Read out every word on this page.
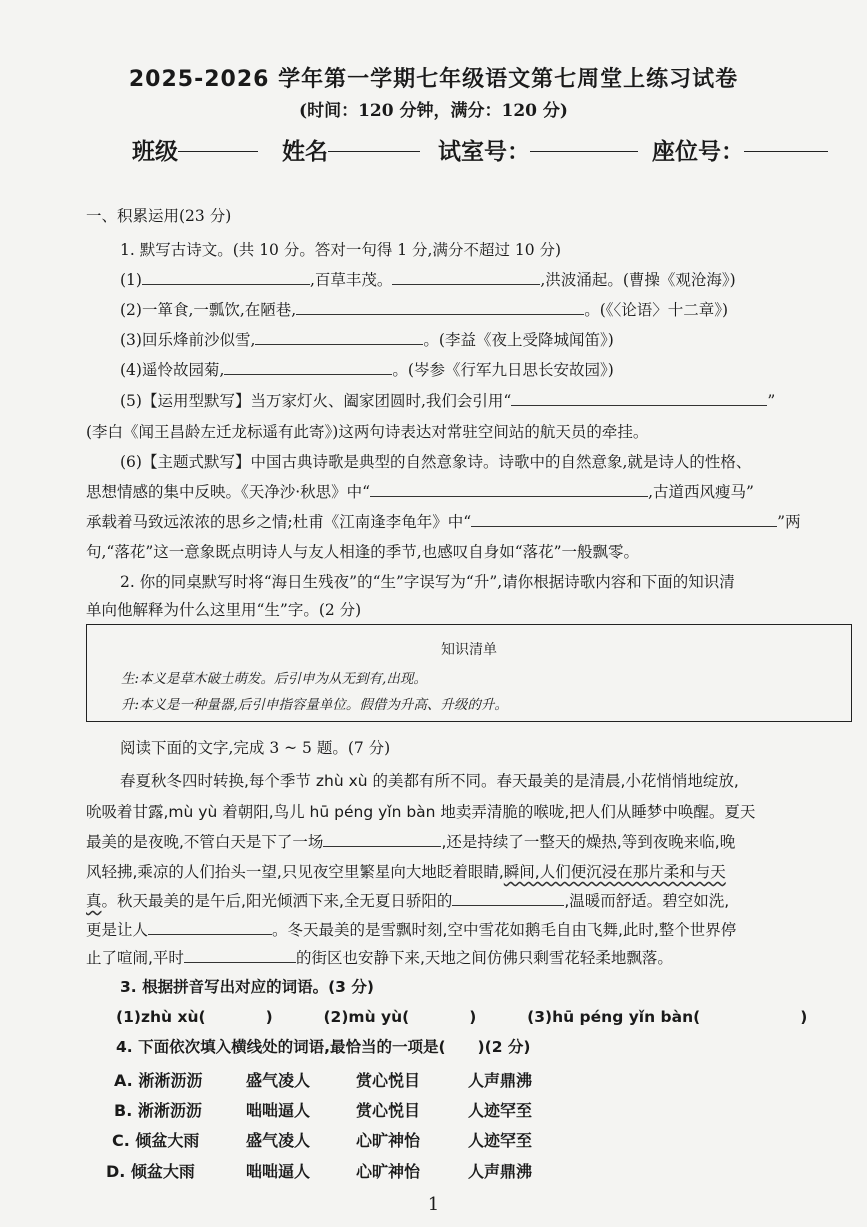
2025-2026 学年第一学期七年级语文第七周堂上练习试卷
(时间：120 分钟，满分：120 分)
班级	姓名	试室号：	座位号：
一、积累运用(23 分)
1. 默写古诗文。(共 10 分。答对一句得 1 分,满分不超过 10 分)
(1)	,百草丰茂。	,洪波涌起。(曹操《观沧海》)
(2)一箪食,一瓢饮,在陋巷,	。(《〈论语〉十二章》)
(3)回乐烽前沙似雪,	。(李益《夜上受降城闻笛》)
(4)遥怜故园菊,	。(岑参《行军九日思长安故园》)
(5)【运用型默写】当万家灯火、阖家团圆时,我们会引用“	”
(李白《闻王昌龄左迁龙标遥有此寄》)这两句诗表达对常驻空间站的航天员的牵挂。
(6)【主题式默写】中国古典诗歌是典型的自然意象诗。诗歌中的自然意象,就是诗人的性格、
思想情感的集中反映。《天净沙·秋思》中“	,古道西风瘦马”
承载着马致远浓浓的思乡之情;杜甫《江南逢李龟年》中“	”两
句,“落花”这一意象既点明诗人与友人相逢的季节,也感叹自身如“落花”一般飘零。
2. 你的同桌默写时将“海日生残夜”的“生”字误写为“升”,请你根据诗歌内容和下面的知识清
单向他解释为什么这里用“生”字。(2 分)
知识清单
生:本义是草木破土萌发。后引申为从无到有,出现。
升:本义是一种量器,后引申指容量单位。假借为升高、升级的升。
阅读下面的文字,完成 3 ~ 5 题。(7 分)
春夏秋冬四时转换,每个季节 zhù xù 的美都有所不同。春天最美的是清晨,小花悄悄地绽放,
吮吸着甘露,mù yù 着朝阳,鸟儿 hū péng yǐn bàn 地卖弄清脆的喉咙,把人们从睡梦中唤醒。夏天
最美的是夜晚,不管白天是下了一场	,还是持续了一整天的燥热,等到夜晚来临,晚
风轻拂,乘凉的人们抬头一望,只见夜空里繁星向大地眨着眼睛,瞬间,人们便沉浸在那片柔和与天
真。秋天最美的是午后,阳光倾洒下来,全无夏日骄阳的	,温暖而舒适。碧空如洗,
更是让人	。冬天最美的是雪飘时刻,空中雪花如鹅毛自由飞舞,此时,整个世界停
止了喧闹,平时	的街区也安静下来,天地之间仿佛只剩雪花轻柔地飘落。
3. 根据拼音写出对应的词语。(3 分)
(1)zhù xù(	)	(2)mù yù(	)	(3)hū péng yǐn bàn(	)
4. 下面依次填入横线处的词语,最恰当的一项是( )(2 分)
A. 淅淅沥沥	盛气凌人	赏心悦目	人声鼎沸
B. 淅淅沥沥	咄咄逼人	赏心悦目	人迹罕至
C. 倾盆大雨	盛气凌人	心旷神怡	人迹罕至
D. 倾盆大雨	咄咄逼人	心旷神怡	人声鼎沸
1
